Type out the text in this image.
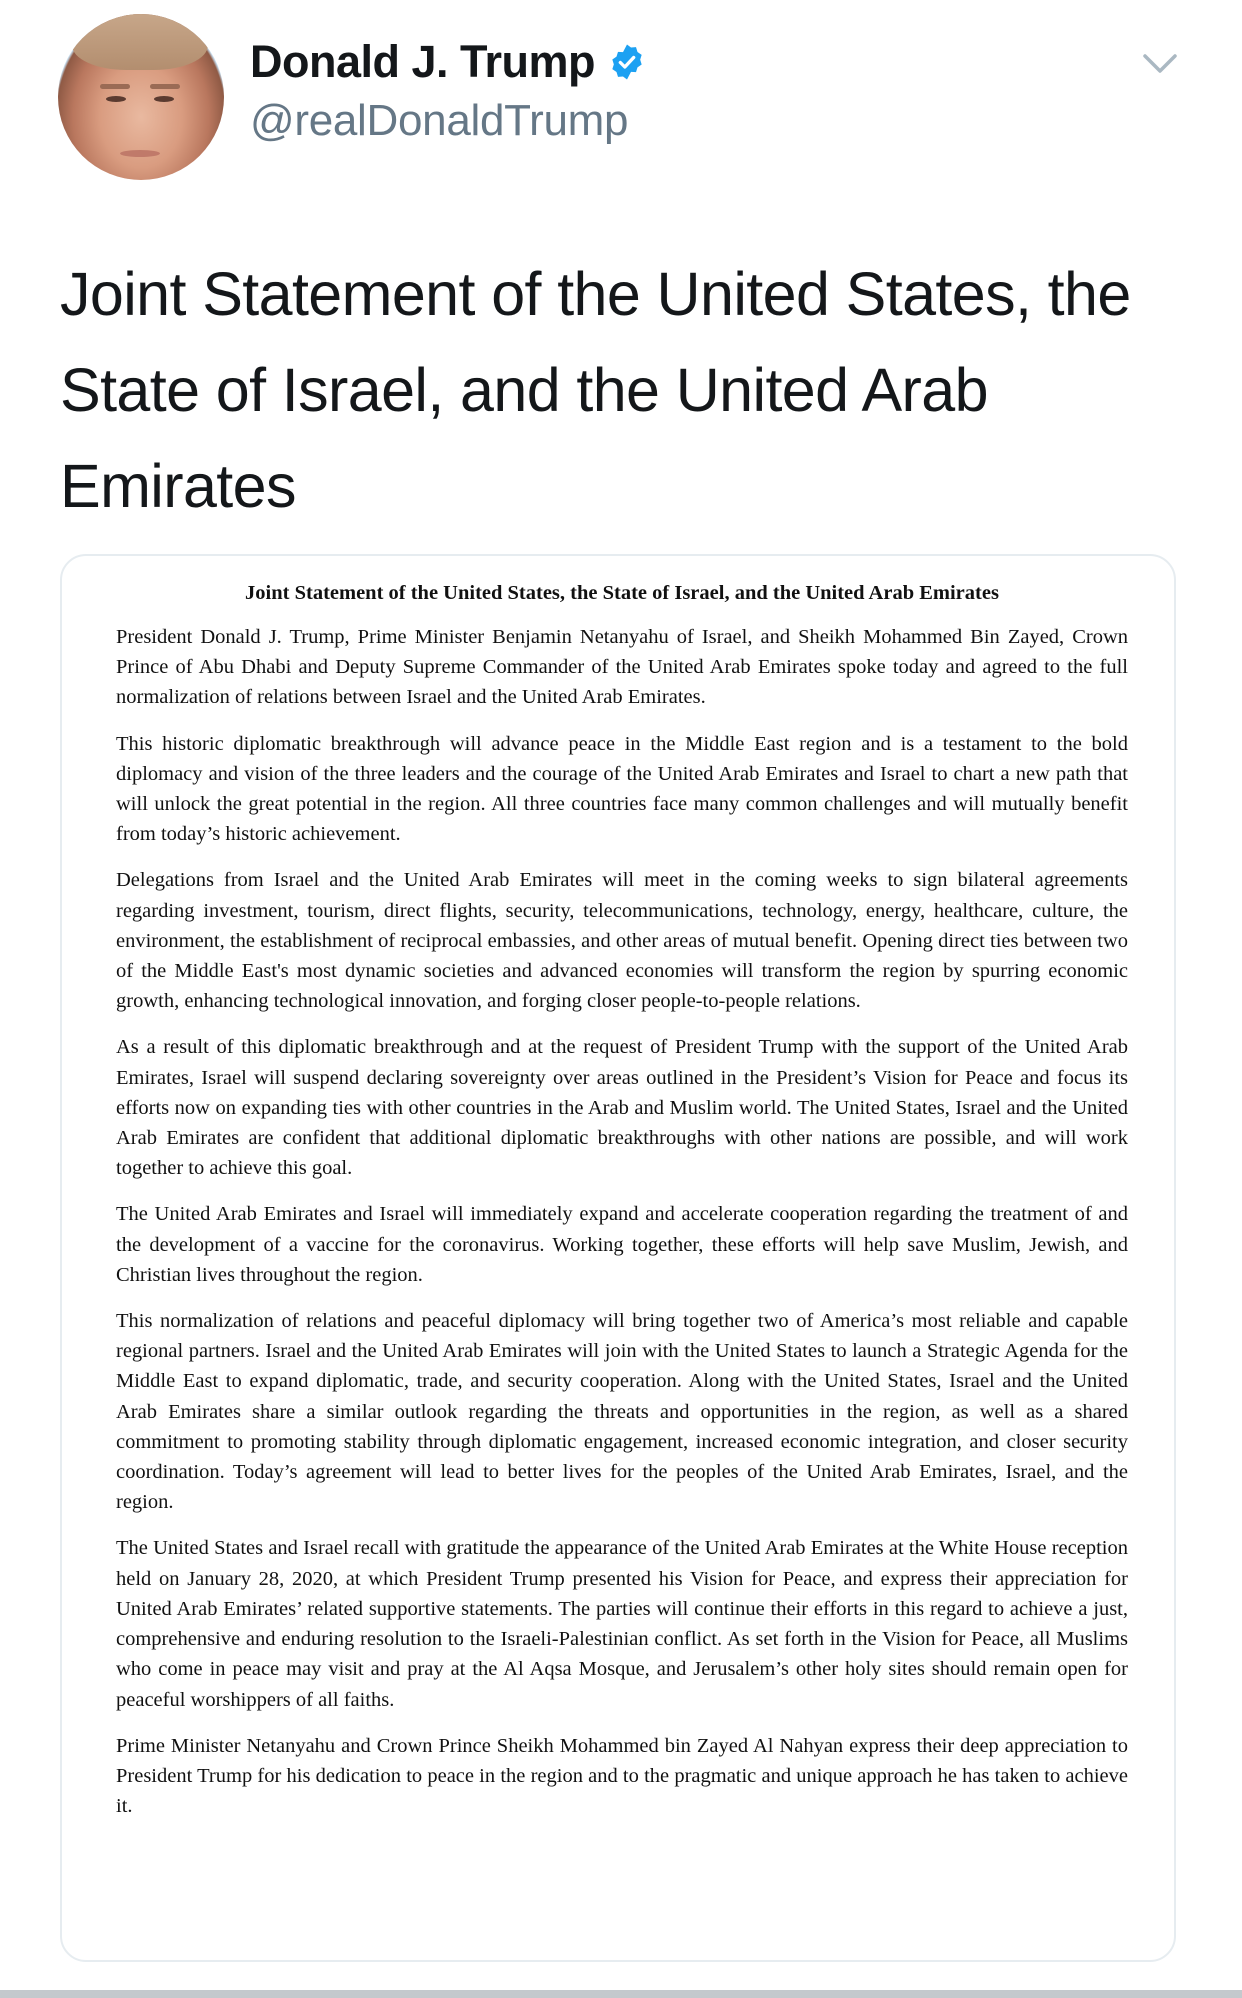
Donald J. Trump
@realDonaldTrump
Joint Statement of the United States, the State of Israel, and the United Arab Emirates
Joint Statement of the United States, the State of Israel, and the United Arab Emirates

President Donald J. Trump, Prime Minister Benjamin Netanyahu of Israel, and Sheikh Mohammed Bin Zayed, Crown Prince of Abu Dhabi and Deputy Supreme Commander of the United Arab Emirates spoke today and agreed to the full normalization of relations between Israel and the United Arab Emirates.

This historic diplomatic breakthrough will advance peace in the Middle East region and is a testament to the bold diplomacy and vision of the three leaders and the courage of the United Arab Emirates and Israel to chart a new path that will unlock the great potential in the region. All three countries face many common challenges and will mutually benefit from today’s historic achievement.

Delegations from Israel and the United Arab Emirates will meet in the coming weeks to sign bilateral agreements regarding investment, tourism, direct flights, security, telecommunications, technology, energy, healthcare, culture, the environment, the establishment of reciprocal embassies, and other areas of mutual benefit. Opening direct ties between two of the Middle East's most dynamic societies and advanced economies will transform the region by spurring economic growth, enhancing technological innovation, and forging closer people-to-people relations.

As a result of this diplomatic breakthrough and at the request of President Trump with the support of the United Arab Emirates, Israel will suspend declaring sovereignty over areas outlined in the President’s Vision for Peace and focus its efforts now on expanding ties with other countries in the Arab and Muslim world. The United States, Israel and the United Arab Emirates are confident that additional diplomatic breakthroughs with other nations are possible, and will work together to achieve this goal.

The United Arab Emirates and Israel will immediately expand and accelerate cooperation regarding the treatment of and the development of a vaccine for the coronavirus. Working together, these efforts will help save Muslim, Jewish, and Christian lives throughout the region.

This normalization of relations and peaceful diplomacy will bring together two of America’s most reliable and capable regional partners. Israel and the United Arab Emirates will join with the United States to launch a Strategic Agenda for the Middle East to expand diplomatic, trade, and security cooperation. Along with the United States, Israel and the United Arab Emirates share a similar outlook regarding the threats and opportunities in the region, as well as a shared commitment to promoting stability through diplomatic engagement, increased economic integration, and closer security coordination. Today’s agreement will lead to better lives for the peoples of the United Arab Emirates, Israel, and the region.

The United States and Israel recall with gratitude the appearance of the United Arab Emirates at the White House reception held on January 28, 2020, at which President Trump presented his Vision for Peace, and express their appreciation for United Arab Emirates’ related supportive statements. The parties will continue their efforts in this regard to achieve a just, comprehensive and enduring resolution to the Israeli-Palestinian conflict. As set forth in the Vision for Peace, all Muslims who come in peace may visit and pray at the Al Aqsa Mosque, and Jerusalem’s other holy sites should remain open for peaceful worshippers of all faiths.

Prime Minister Netanyahu and Crown Prince Sheikh Mohammed bin Zayed Al Nahyan express their deep appreciation to President Trump for his dedication to peace in the region and to the pragmatic and unique approach he has taken to achieve it.
